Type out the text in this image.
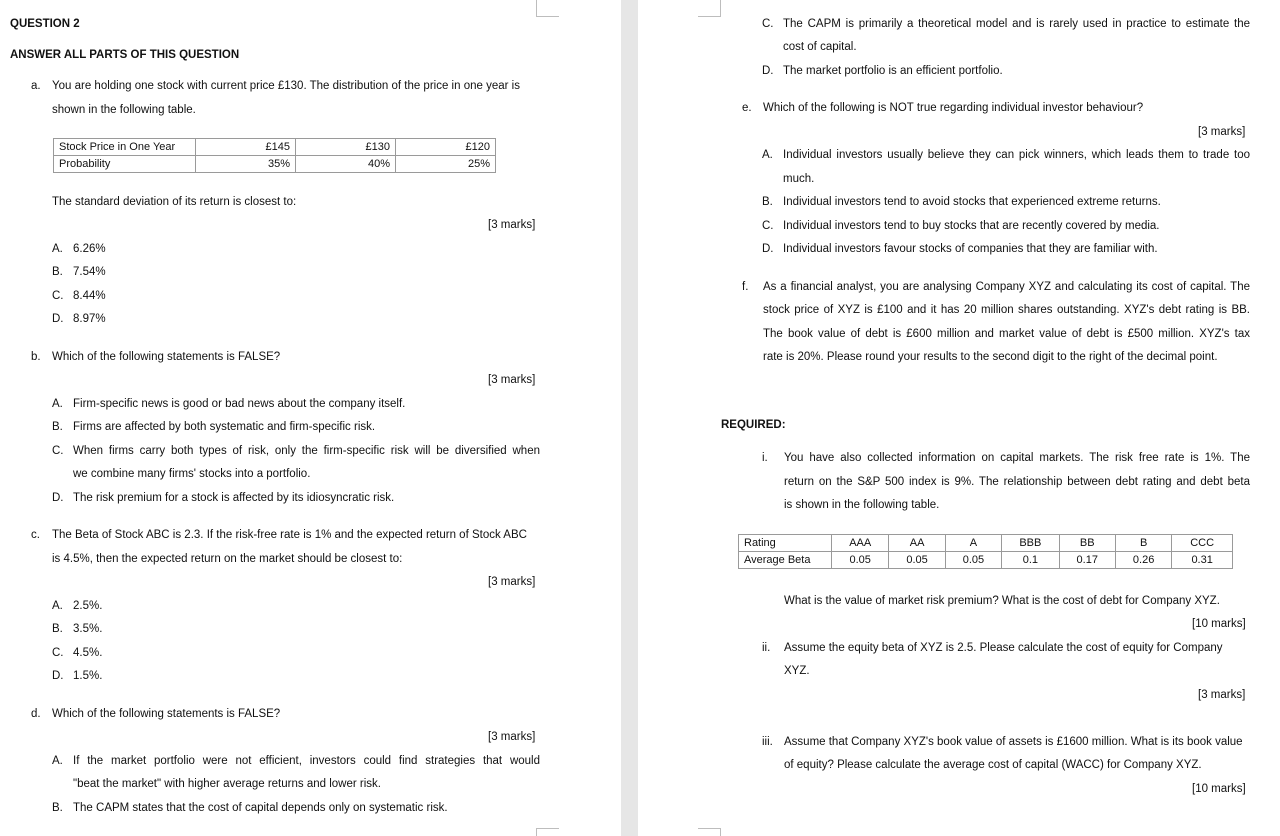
QUESTION 2
ANSWER ALL PARTS OF THIS QUESTION
a. You are holding one stock with current price £130. The distribution of the price in one year is
shown in the following table.
Stock Price in One Year	£145	£130	£120
Probability	35%	40%	25%
The standard deviation of its return is closest to:
[3 marks]
A. 6.26%
B. 7.54%
C. 8.44%
D. 8.97%
b. Which of the following statements is FALSE?
[3 marks]
A. Firm-specific news is good or bad news about the company itself.
B. Firms are affected by both systematic and firm-specific risk.
C. When firms carry both types of risk, only the firm-specific risk will be diversified when
we combine many firms' stocks into a portfolio.
D. The risk premium for a stock is affected by its idiosyncratic risk.
c. The Beta of Stock ABC is 2.3. If the risk-free rate is 1% and the expected return of Stock ABC
is 4.5%, then the expected return on the market should be closest to:
[3 marks]
A. 2.5%.
B. 3.5%.
C. 4.5%.
D. 1.5%.
d. Which of the following statements is FALSE?
[3 marks]
A. If the market portfolio were not efficient, investors could find strategies that would
"beat the market" with higher average returns and lower risk.
B. The CAPM states that the cost of capital depends only on systematic risk.
C. The CAPM is primarily a theoretical model and is rarely used in practice to estimate the
cost of capital.
D. The market portfolio is an efficient portfolio.
e. Which of the following is NOT true regarding individual investor behaviour?
[3 marks]
A. Individual investors usually believe they can pick winners, which leads them to trade too
much.
B. Individual investors tend to avoid stocks that experienced extreme returns.
C. Individual investors tend to buy stocks that are recently covered by media.
D. Individual investors favour stocks of companies that they are familiar with.
f. As a financial analyst, you are analysing Company XYZ and calculating its cost of capital. The
stock price of XYZ is £100 and it has 20 million shares outstanding. XYZ's debt rating is BB.
The book value of debt is £600 million and market value of debt is £500 million. XYZ's tax
rate is 20%. Please round your results to the second digit to the right of the decimal point.
REQUIRED:
i. You have also collected information on capital markets. The risk free rate is 1%. The
return on the S&P 500 index is 9%. The relationship between debt rating and debt beta
is shown in the following table.
Rating	AAA	AA	A	BBB	BB	B	CCC
Average Beta	0.05	0.05	0.05	0.1	0.17	0.26	0.31
What is the value of market risk premium? What is the cost of debt for Company XYZ.
[10 marks]
ii. Assume the equity beta of XYZ is 2.5. Please calculate the cost of equity for Company
XYZ.
[3 marks]
iii. Assume that Company XYZ's book value of assets is £1600 million. What is its book value
of equity? Please calculate the average cost of capital (WACC) for Company XYZ.
[10 marks]
